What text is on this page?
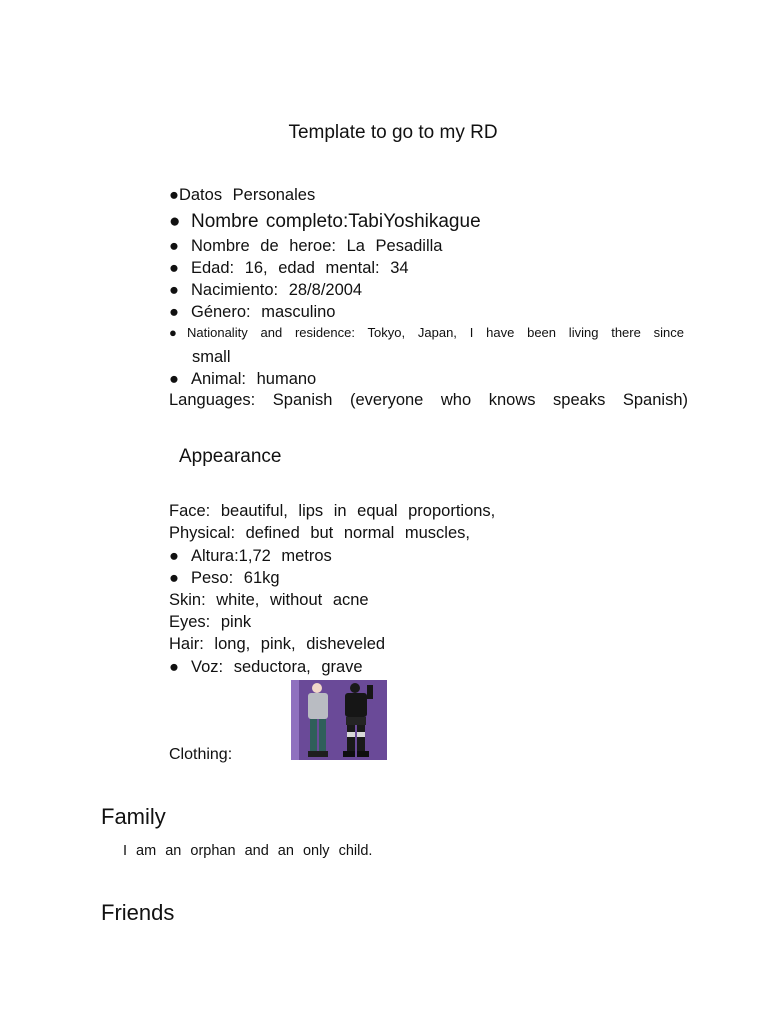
Template to go to my RD
●Datos Personales
● Nombre completo:TabiYoshikague
● Nombre de heroe: La Pesadilla
● Edad: 16, edad mental: 34
● Nacimiento: 28/8/2004
● Género: masculino
● Nationality and residence: Tokyo, Japan, I have been living there since
small
● Animal: humano
Languages: Spanish (everyone who knows speaks Spanish)
Appearance
Face: beautiful, lips in equal proportions,
Physical: defined but normal muscles,
● Altura:1,72 metros
● Peso: 61kg
Skin: white, without acne
Eyes: pink
Hair: long, pink, disheveled
● Voz: seductora, grave
Clothing:
Family
I am an orphan and an only child.
Friends
